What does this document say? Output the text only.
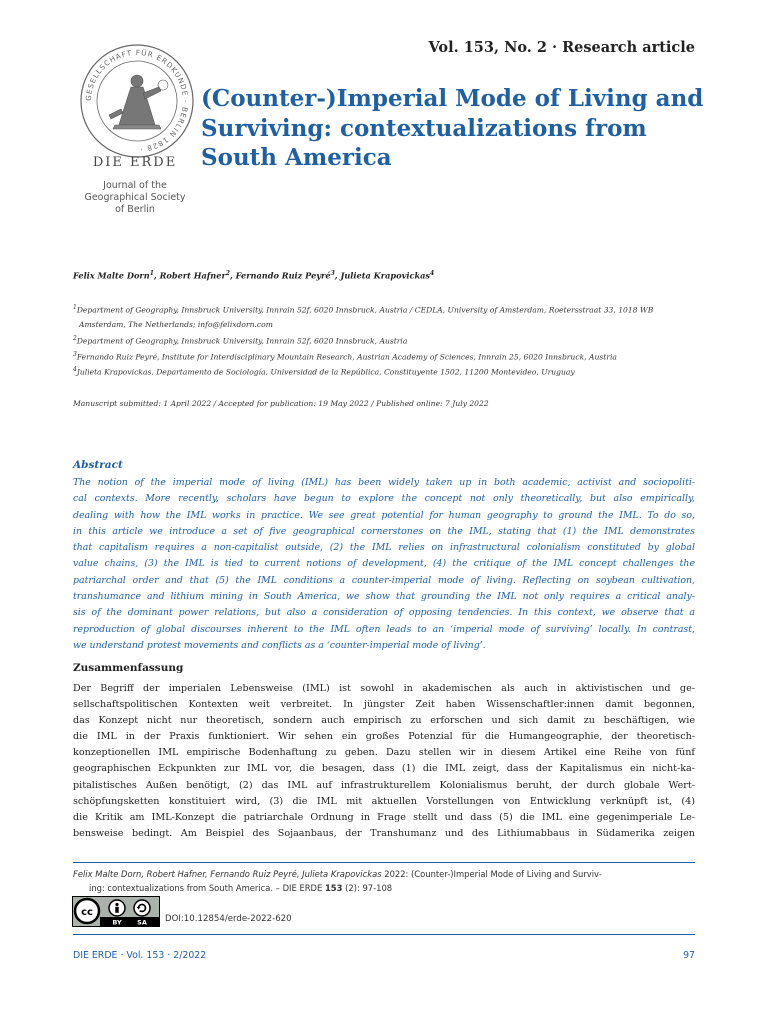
Vol. 153, No. 2 · Research article
GESELLSCHAFT FÜR ERDKUNDE · BERLIN 1828 ·
DIE ERDE
Journal of the
Geographical Society
of Berlin
(Counter-)Imperial Mode of Living and
Surviving: contextualizations from
South America
Felix Malte Dorn$^1$, Robert Hafner$^2$, Fernando Ruiz Peyré$^3$, Julieta Krapovickas$^4$
$^1$Department of Geography, Innsbruck University, Innrain 52f, 6020 Innsbruck, Austria / CEDLA, University of Amsterdam, Roetersstraat 33, 1018 WB
Amsterdam, The Netherlands; info@felixdorn.com
$^2$Department of Geography, Innsbruck University, Innrain 52f, 6020 Innsbruck, Austria
$^3$Fernando Ruiz Peyré, Institute for Interdisciplinary Mountain Research, Austrian Academy of Sciences, Innrain 25, 6020 Innsbruck, Austria
$^4$Julieta Krapovickas, Departamento de Sociología, Universidad de la República, Constituyente 1502, 11200 Montevideo, Uruguay
Manuscript submitted: 1 April 2022 / Accepted for publication: 19 May 2022 / Published online: 7 July 2022
Abstract
The notion of the imperial mode of living (IML) has been widely taken up in both academic, activist and sociopoliti-
cal contexts. More recently, scholars have begun to explore the concept not only theoretically, but also empirically,
dealing with how the IML works in practice. We see great potential for human geography to ground the IML. To do so,
in this article we introduce a set of five geographical cornerstones on the IML, stating that (1) the IML demonstrates
that capitalism requires a non-capitalist outside, (2) the IML relies on infrastructural colonialism constituted by global
value chains, (3) the IML is tied to current notions of development, (4) the critique of the IML concept challenges the
patriarchal order and that (5) the IML conditions a counter-imperial mode of living. Reflecting on soybean cultivation,
transhumance and lithium mining in South America, we show that grounding the IML not only requires a critical analy-
sis of the dominant power relations, but also a consideration of opposing tendencies. In this context, we observe that a
reproduction of global discourses inherent to the IML often leads to an ‘imperial mode of surviving’ locally. In contrast,
we understand protest movements and conflicts as a ‘counter-imperial mode of living’.
Zusammenfassung
Der Begriff der imperialen Lebensweise (IML) ist sowohl in akademischen als auch in aktivistischen und ge-
sellschaftspolitischen Kontexten weit verbreitet. In jüngster Zeit haben Wissenschaftler:innen damit begonnen,
das Konzept nicht nur theoretisch, sondern auch empirisch zu erforschen und sich damit zu beschäftigen, wie
die IML in der Praxis funktioniert. Wir sehen ein großes Potenzial für die Humangeographie, der theoretisch-
konzeptionellen IML empirische Bodenhaftung zu geben. Dazu stellen wir in diesem Artikel eine Reihe von fünf
geographischen Eckpunkten zur IML vor, die besagen, dass (1) die IML zeigt, dass der Kapitalismus ein nicht-ka-
pitalistisches Außen benötigt, (2) das IML auf infrastrukturellem Kolonialismus beruht, der durch globale Wert-
schöpfungsketten konstituiert wird, (3) die IML mit aktuellen Vorstellungen von Entwicklung verknüpft ist, (4)
die Kritik am IML-Konzept die patriarchale Ordnung in Frage stellt und dass (5) die IML eine gegenimperiale Le-
bensweise bedingt. Am Beispiel des Sojaanbaus, der Transhumanz und des Lithiumabbaus in Südamerika zeigen
Felix Malte Dorn, Robert Hafner, Fernando Ruiz Peyré, Julieta Krapovickas 2022: (Counter-)Imperial Mode of Living and Surviv-
ing: contextualizations from South America. – DIE ERDE 153 (2): 97-108
cc
BY SA DOI:10.12854/erde-2022-620
DIE ERDE · Vol. 153 · 2/2022	97
